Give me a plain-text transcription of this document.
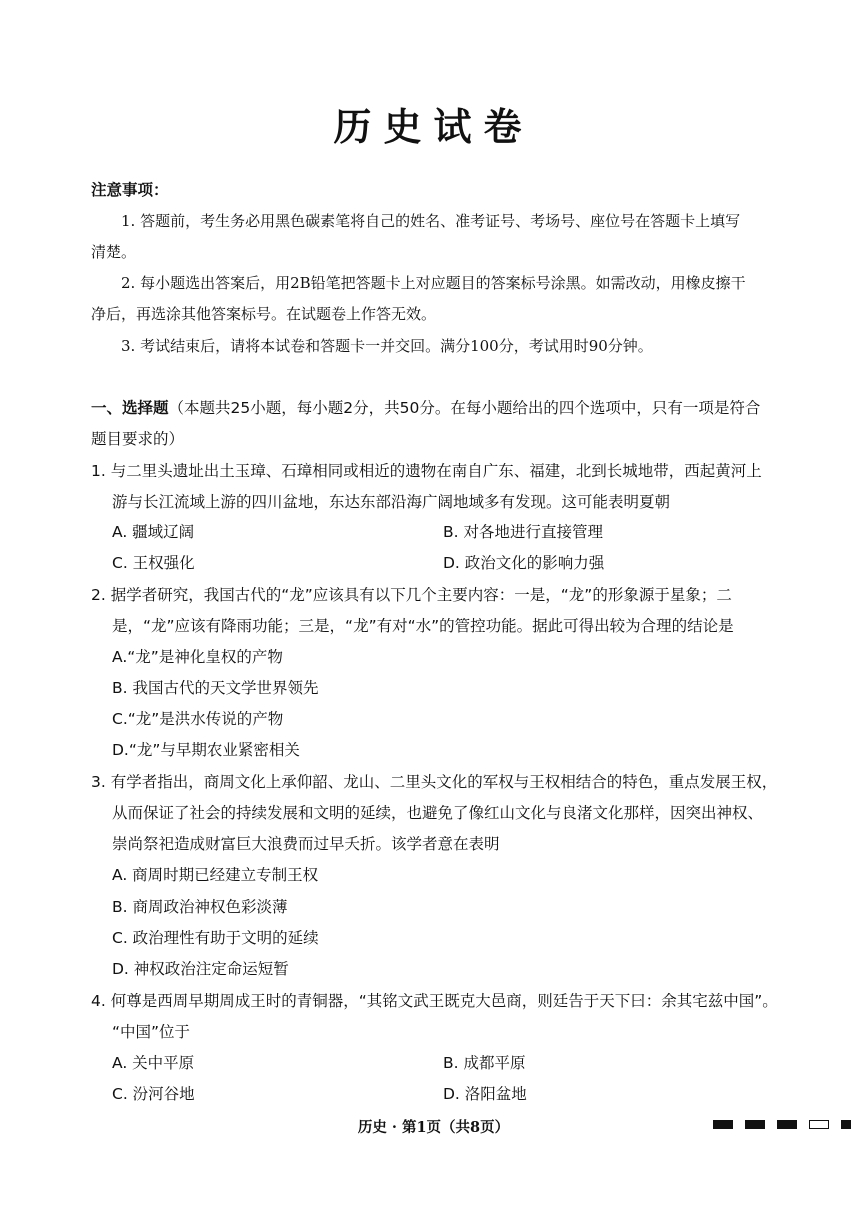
历史试卷
注意事项：
1. 答题前，考生务必用黑色碳素笔将自己的姓名、准考证号、考场号、座位号在答题卡上填写
清楚。
2. 每小题选出答案后，用2B铅笔把答题卡上对应题目的答案标号涂黑。如需改动，用橡皮擦干
净后，再选涂其他答案标号。在试题卷上作答无效。
3. 考试结束后，请将本试卷和答题卡一并交回。满分100分，考试用时90分钟。
一、选择题（本题共25小题，每小题2分，共50分。在每小题给出的四个选项中，只有一项是符合
题目要求的）
1. 与二里头遗址出土玉璋、石璋相同或相近的遗物在南自广东、福建，北到长城地带，西起黄河上
游与长江流域上游的四川盆地，东达东部沿海广阔地域多有发现。这可能表明夏朝
A. 疆域辽阔	B. 对各地进行直接管理
C. 王权强化	D. 政治文化的影响力强
2. 据学者研究，我国古代的“龙”应该具有以下几个主要内容：一是，“龙”的形象源于星象；二
是，“龙”应该有降雨功能；三是，“龙”有对“水”的管控功能。据此可得出较为合理的结论是
A.“龙”是神化皇权的产物
B. 我国古代的天文学世界领先
C.“龙”是洪水传说的产物
D.“龙”与早期农业紧密相关
3. 有学者指出，商周文化上承仰韶、龙山、二里头文化的军权与王权相结合的特色，重点发展王权，
从而保证了社会的持续发展和文明的延续，也避免了像红山文化与良渚文化那样，因突出神权、
崇尚祭祀造成财富巨大浪费而过早夭折。该学者意在表明
A. 商周时期已经建立专制王权
B. 商周政治神权色彩淡薄
C. 政治理性有助于文明的延续
D. 神权政治注定命运短暂
4. 何尊是西周早期周成王时的青铜器，“其铭文武王既克大邑商，则廷告于天下曰：余其宅兹中国”。
“中国”位于
A. 关中平原	B. 成都平原
C. 汾河谷地	D. 洛阳盆地
历史 · 第1页（共8页）
